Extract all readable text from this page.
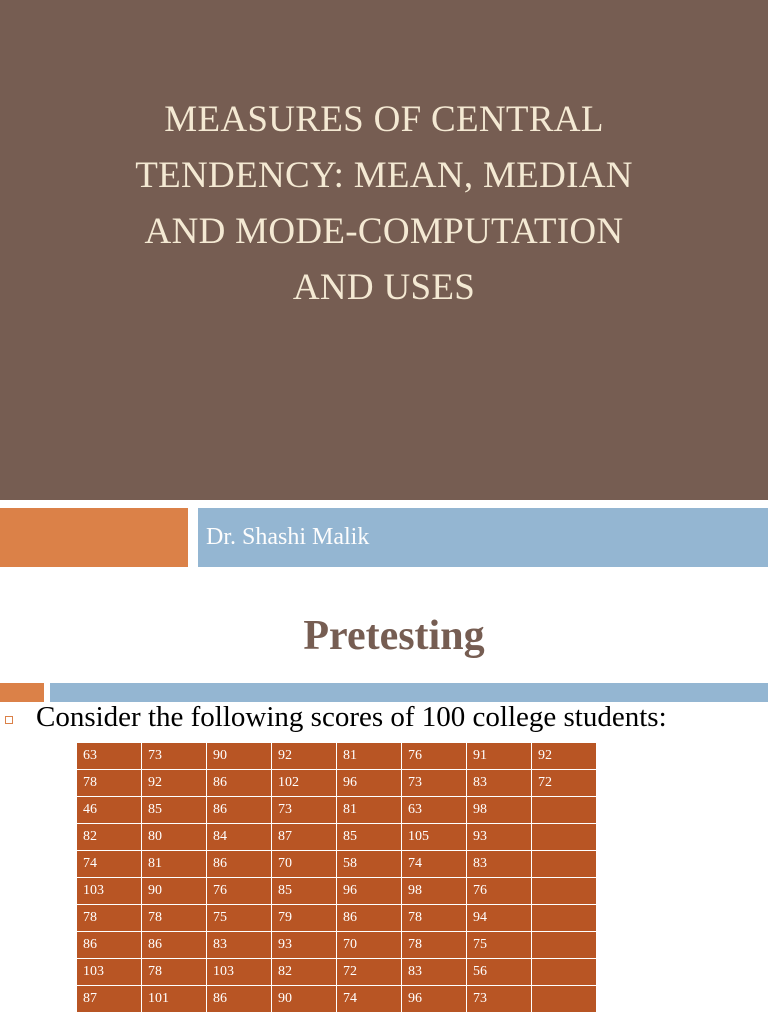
MEASURES OF CENTRAL
TENDENCY: MEAN, MEDIAN
AND MODE-COMPUTATION
AND USES
Dr. Shashi Malik
Pretesting
Consider the following scores of 100 college students:
63	73	90	92	81	76	91	92
78	92	86	102	96	73	83	72
46	85	86	73	81	63	98	
82	80	84	87	85	105	93	
74	81	86	70	58	74	83	
103	90	76	85	96	98	76	
78	78	75	79	86	78	94	
86	86	83	93	70	78	75	
103	78	103	82	72	83	56	
87	101	86	90	74	96	73	
